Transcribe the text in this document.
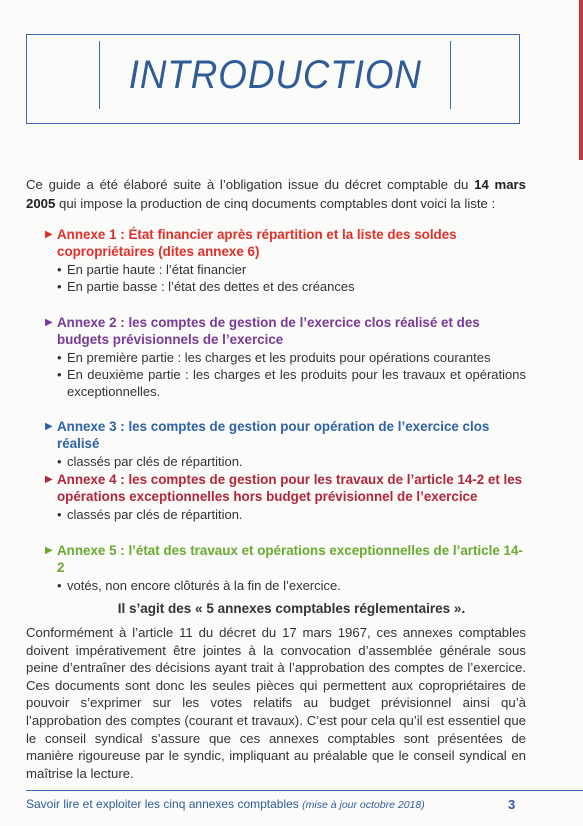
INTRODUCTION

Ce guide a été élaboré suite à l’obligation issue du décret comptable du 14 mars 2005 qui impose la production de cinq documents comptables dont voici la liste :

▶ Annexe 1 : État financier après répartition et la liste des soldes copropriétaires (dites annexe 6)
• En partie haute : l’état financier
• En partie basse : l’état des dettes et des créances
▶ Annexe 2 : les comptes de gestion de l’exercice clos réalisé et des budgets prévisionnels de l’exercice
• En première partie : les charges et les produits pour opérations courantes
• En deuxième partie : les charges et les produits pour les travaux et opérations exceptionnelles.
▶ Annexe 3 : les comptes de gestion pour opération de l’exercice clos réalisé
• classés par clés de répartition.
▶ Annexe 4 : les comptes de gestion pour les travaux de l’article 14-2 et les opérations exceptionnelles hors budget prévisionnel de l’exercice
• classés par clés de répartition.
▶ Annexe 5 : l’état des travaux et opérations exceptionnelles de l’article 14-2
• votés, non encore clôturés à la fin de l’exercice.
Il s’agit des « 5 annexes comptables réglementaires ».

Conformément à l’article 11 du décret du 17 mars 1967, ces annexes comptables doivent impérativement être jointes à la convocation d’assemblée générale sous peine d’entraîner des décisions ayant trait à l’approbation des comptes de l’exercice. Ces documents sont donc les seules pièces qui permettent aux copropriétaires de pouvoir s’exprimer sur les votes relatifs au budget prévisionnel ainsi qu’à l’approbation des comptes (courant et travaux). C’est pour cela qu’il est essentiel que le conseil syndical s’assure que ces annexes comptables sont présentées de manière rigoureuse par le syndic, impliquant au préalable que le conseil syndical en maîtrise la lecture.

Savoir lire et exploiter les cinq annexes comptables (mise à jour octobre 2018)	3
